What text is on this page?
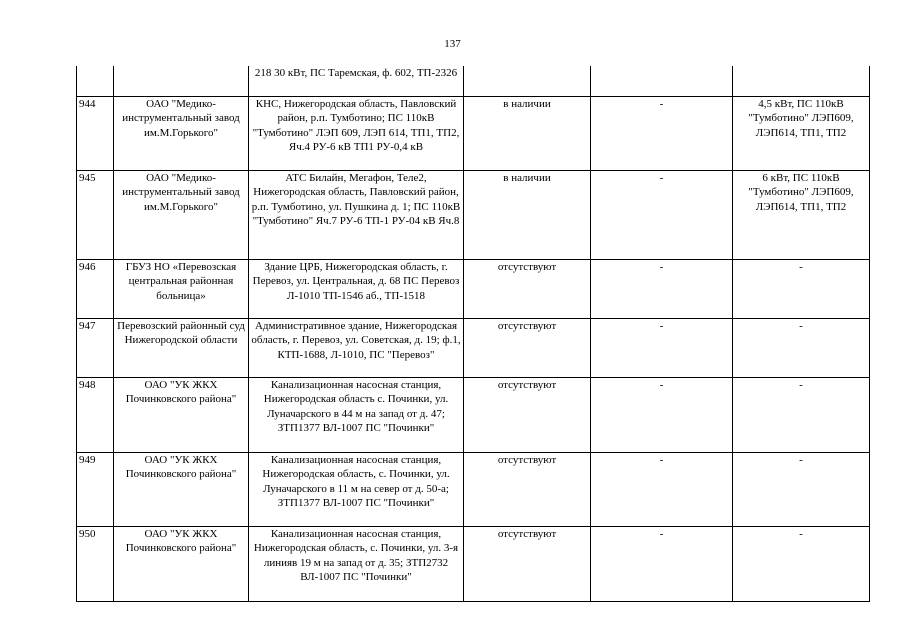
137
		218 30 кВт, ПС Таремская, ф. 602, ТП-2326			
944	ОАО "Медико-инструментальный завод им.М.Горького"	КНС, Нижегородская область, Павловский район, р.п. Тумботино; ПС 110кВ "Тумботино" ЛЭП 609, ЛЭП 614, ТП1, ТП2, Яч.4 РУ-6 кВ ТП1 РУ-0,4 кВ	в наличии	-	4,5 кВт, ПС 110кВ "Тумботино" ЛЭП609, ЛЭП614, ТП1, ТП2
945	ОАО "Медико-инструментальный завод им.М.Горького"	АТС Билайн, Мегафон, Теле2, Нижегородская область, Павловский район, р.п. Тумботино, ул. Пушкина д. 1; ПС 110кВ "Тумботино" Яч.7 РУ-6 ТП-1 РУ-04 кВ Яч.8	в наличии	-	6 кВт, ПС 110кВ "Тумботино" ЛЭП609, ЛЭП614, ТП1, ТП2
946	ГБУЗ НО «Перевозская центральная районная больница»	Здание ЦРБ, Нижегородская область, г. Перевоз, ул. Центральная, д. 68 ПС Перевоз Л-1010 ТП-1546 аб., ТП-1518	отсутствуют	-	-
947	Перевозский районный суд Нижегородской области	Административное здание, Нижегородская область, г. Перевоз, ул. Советская, д. 19; ф.1, КТП-1688, Л-1010, ПС "Перевоз"	отсутствуют	-	-
948	ОАО "УК ЖКХ Починковского района"	Канализационная насосная станция, Нижегородская область с. Починки, ул. Луначарского в 44 м на запад от д. 47; ЗТП1377 ВЛ-1007 ПС "Починки"	отсутствуют	-	-
949	ОАО "УК ЖКХ Починковского района"	Канализационная насосная станция, Нижегородская область, с. Починки, ул. Луначарского в 11 м на север от д. 50-а; ЗТП1377 ВЛ-1007 ПС "Починки"	отсутствуют	-	-
950	ОАО "УК ЖКХ Починковского района"	Канализационная насосная станция, Нижегородская область, с. Починки, ул. 3-я линияв 19 м на запад от д. 35; ЗТП2732 ВЛ-1007 ПС "Починки"	отсутствуют	-	-
